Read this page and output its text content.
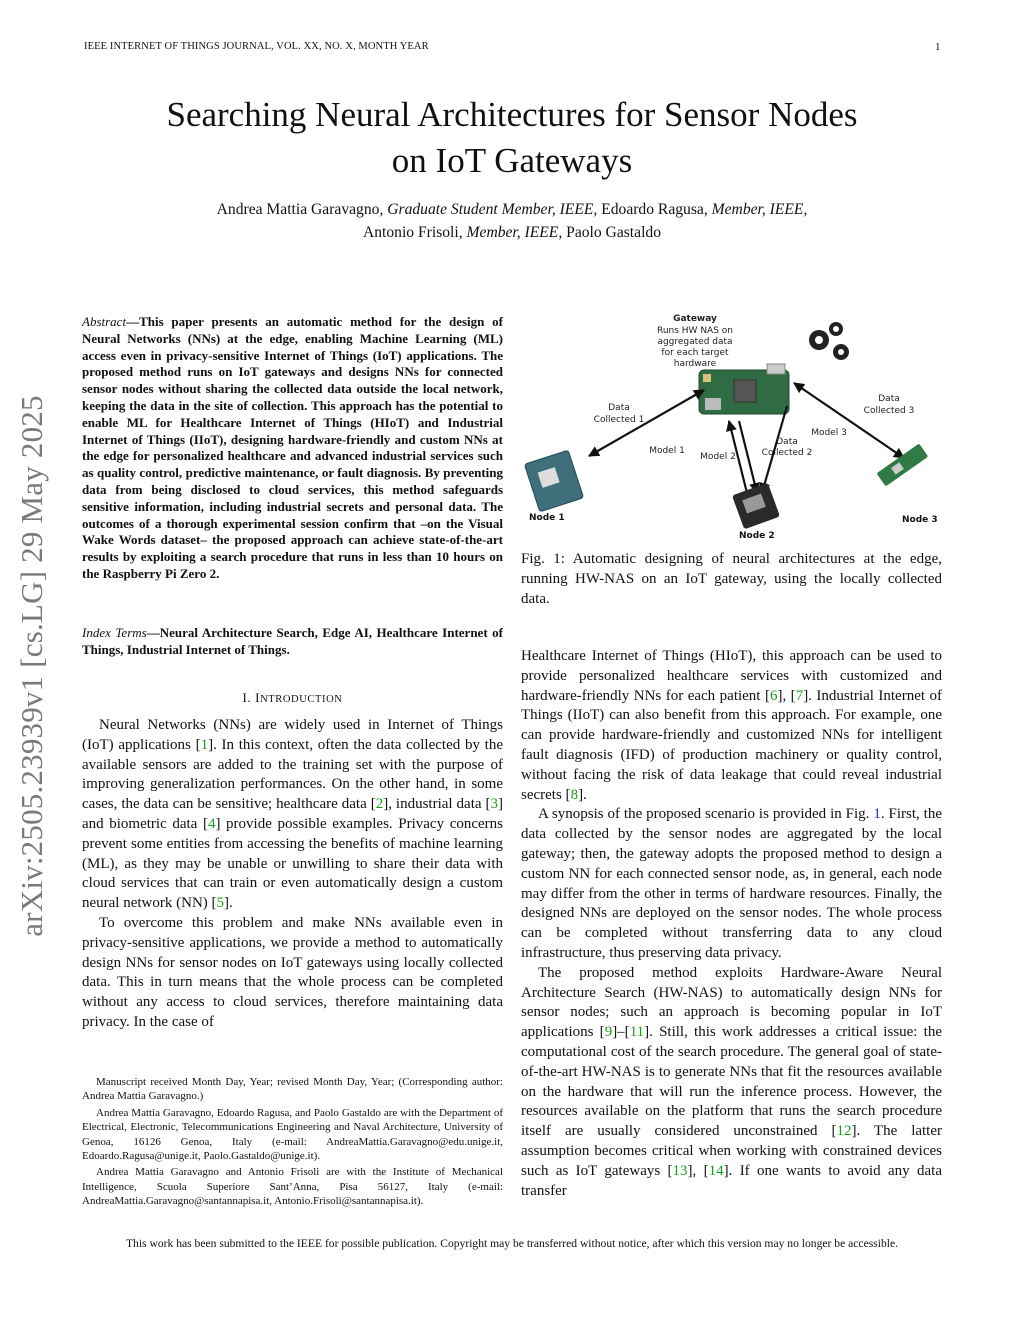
IEEE INTERNET OF THINGS JOURNAL, VOL. XX, NO. X, MONTH YEAR	1
Searching Neural Architectures for Sensor Nodes
on IoT Gateways
Andrea Mattia Garavagno, Graduate Student Member, IEEE, Edoardo Ragusa, Member, IEEE,
Antonio Frisoli, Member, IEEE, Paolo Gastaldo
arXiv:2505.23939v1 [cs.LG] 29 May 2025
Abstract—This paper presents an automatic method for the design of Neural Networks (NNs) at the edge, enabling Machine Learning (ML) access even in privacy-sensitive Internet of Things (IoT) applications. The proposed method runs on IoT gateways and designs NNs for connected sensor nodes without sharing the collected data outside the local network, keeping the data in the site of collection. This approach has the potential to enable ML for Healthcare Internet of Things (HIoT) and Industrial Internet of Things (IIoT), designing hardware-friendly and custom NNs at the edge for personalized healthcare and advanced industrial services such as quality control, predictive maintenance, or fault diagnosis. By preventing data from being disclosed to cloud services, this method safeguards sensitive information, including industrial secrets and personal data. The outcomes of a thorough experimental session confirm that –on the Visual Wake Words dataset– the proposed approach can achieve state-of-the-art results by exploiting a search procedure that runs in less than 10 hours on the Raspberry Pi Zero 2.
Index Terms—Neural Architecture Search, Edge AI, Healthcare Internet of Things, Industrial Internet of Things.
I. INTRODUCTION

Neural Networks (NNs) are widely used in Internet of Things (IoT) applications [1]. In this context, often the data collected by the available sensors are added to the training set with the purpose of improving generalization performances. On the other hand, in some cases, the data can be sensitive; healthcare data [2], industrial data [3] and biometric data [4] provide possible examples. Privacy concerns prevent some entities from accessing the benefits of machine learning (ML), as they may be unable or unwilling to share their data with cloud services that can train or even automatically design a custom neural network (NN) [5].

To overcome this problem and make NNs available even in privacy-sensitive applications, we provide a method to automatically design NNs for sensor nodes on IoT gateways using locally collected data. This in turn means that the whole process can be completed without any access to cloud services, therefore maintaining data privacy. In the case of

Manuscript received Month Day, Year; revised Month Day, Year; (Corresponding author: Andrea Mattia Garavagno.)

Andrea Mattia Garavagno, Edoardo Ragusa, and Paolo Gastaldo are with the Department of Electrical, Electronic, Telecommunications Engineering and Naval Architecture, University of Genoa, 16126 Genoa, Italy (e-mail: AndreaMattia.Garavagno@edu.unige.it, Edoardo.Ragusa@unige.it, Paolo.Gastaldo@unige.it).

Andrea Mattia Garavagno and Antonio Frisoli are with the Institute of Mechanical Intelligence, Scuola Superiore Sant’Anna, Pisa 56127, Italy (e-mail: AndreaMattia.Garavagno@santannapisa.it, Antonio.Frisoli@santannapisa.it).

Gateway
Runs HW NAS on
aggregated data
for each target
hardware
Data
Collected 1
Model 1
Model 2
Data
Collected 2
Model 3
Data
Collected 3
Node 1
Node 2
Node 3
Fig. 1: Automatic designing of neural architectures at the edge, running HW-NAS on an IoT gateway, using the locally collected data.

Healthcare Internet of Things (HIoT), this approach can be used to provide personalized healthcare services with customized and hardware-friendly NNs for each patient [6], [7]. Industrial Internet of Things (IIoT) can also benefit from this approach. For example, one can provide hardware-friendly and customized NNs for intelligent fault diagnosis (IFD) of production machinery or quality control, without facing the risk of data leakage that could reveal industrial secrets [8].

A synopsis of the proposed scenario is provided in Fig. 1. First, the data collected by the sensor nodes are aggregated by the local gateway; then, the gateway adopts the proposed method to design a custom NN for each connected sensor node, as, in general, each node may differ from the other in terms of hardware resources. Finally, the designed NNs are deployed on the sensor nodes. The whole process can be completed without transferring data to any cloud infrastructure, thus preserving data privacy.

The proposed method exploits Hardware-Aware Neural Architecture Search (HW-NAS) to automatically design NNs for sensor nodes; such an approach is becoming popular in IoT applications [9]–[11]. Still, this work addresses a critical issue: the computational cost of the search procedure. The general goal of state-of-the-art HW-NAS is to generate NNs that fit the resources available on the hardware that will run the inference process. However, the resources available on the platform that runs the search procedure itself are usually considered unconstrained [12]. The latter assumption becomes critical when working with constrained devices such as IoT gateways [13], [14]. If one wants to avoid any data transfer

This work has been submitted to the IEEE for possible publication. Copyright may be transferred without notice, after which this version may no longer be accessible.
